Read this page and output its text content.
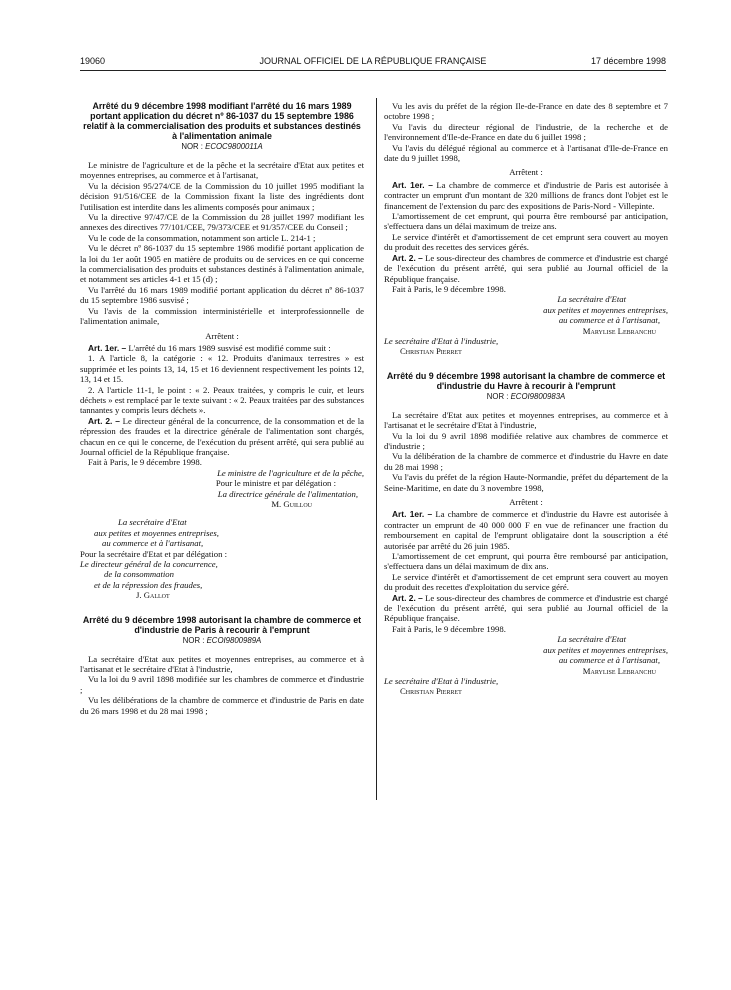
19060	JOURNAL OFFICIEL DE LA RÉPUBLIQUE FRANÇAISE	17 décembre 1998

Arrêté du 9 décembre 1998 modifiant l'arrêté du 16 mars 1989 portant application du décret nº 86-1037 du 15 septembre 1986 relatif à la commercialisation des produits et substances destinés à l'alimentation animale

NOR : ECOC9800011A

Le ministre de l'agriculture et de la pêche et la secrétaire d'Etat aux petites et moyennes entreprises, au commerce et à l'artisanat,

Vu la décision 95/274/CE de la Commission du 10 juillet 1995 modifiant la décision 91/516/CEE de la Commission fixant la liste des ingrédients dont l'utilisation est interdite dans les aliments composés pour animaux ;

Vu la directive 97/47/CE de la Commission du 28 juillet 1997 modifiant les annexes des directives 77/101/CEE, 79/373/CEE et 91/357/CEE du Conseil ;

Vu le code de la consommation, notamment son article L. 214-1 ;

Vu le décret nº 86-1037 du 15 septembre 1986 modifié portant application de la loi du 1er août 1905 en matière de produits ou de services en ce qui concerne la commercialisation des produits et substances destinés à l'alimentation animale, et notamment ses articles 4-1 et 15 (d) ;

Vu l'arrêté du 16 mars 1989 modifié portant application du décret nº 86-1037 du 15 septembre 1986 susvisé ;

Vu l'avis de la commission interministérielle et interprofessionnelle de l'alimentation animale,

Arrêtent :

Art. 1er. – L'arrêté du 16 mars 1989 susvisé est modifié comme suit :

1. A l'article 8, la catégorie : « 12. Produits d'animaux terrestres » est supprimée et les points 13, 14, 15 et 16 deviennent respectivement les points 12, 13, 14 et 15.

2. A l'article 11-1, le point : « 2. Peaux traitées, y compris le cuir, et leurs déchets » est remplacé par le texte suivant : « 2. Peaux traitées par des substances tannantes y compris leurs déchets ».

Art. 2. – Le directeur général de la concurrence, de la consommation et de la répression des fraudes et la directrice générale de l'alimentation sont chargés, chacun en ce qui le concerne, de l'exécution du présent arrêté, qui sera publié au Journal officiel de la République française.

Fait à Paris, le 9 décembre 1998.

Le ministre de l'agriculture et de la pêche,

Pour le ministre et par délégation :

La directrice générale de l'alimentation,

M. Guillou

La secrétaire d'Etat

aux petites et moyennes entreprises,

au commerce et à l'artisanat,

Pour la secrétaire d'Etat et par délégation :

Le directeur général de la concurrence,

de la consommation

et de la répression des fraudes,

J. Gallot

Arrêté du 9 décembre 1998 autorisant la chambre de commerce et d'industrie de Paris à recourir à l'emprunt

NOR : ECOI9800989A

La secrétaire d'Etat aux petites et moyennes entreprises, au commerce et à l'artisanat et le secrétaire d'Etat à l'industrie,

Vu la loi du 9 avril 1898 modifiée sur les chambres de commerce et d'industrie ;

Vu les délibérations de la chambre de commerce et d'industrie de Paris en date du 26 mars 1998 et du 28 mai 1998 ;

Vu les avis du préfet de la région Ile-de-France en date des 8 septembre et 7 octobre 1998 ;

Vu l'avis du directeur régional de l'industrie, de la recherche et de l'environnement d'Ile-de-France en date du 6 juillet 1998 ;

Vu l'avis du délégué régional au commerce et à l'artisanat d'Ile-de-France en date du 9 juillet 1998,

Arrêtent :

Art. 1er. – La chambre de commerce et d'industrie de Paris est autorisée à contracter un emprunt d'un montant de 320 millions de francs dont l'objet est le financement de l'extension du parc des expositions de Paris-Nord - Villepinte.

L'amortissement de cet emprunt, qui pourra être remboursé par anticipation, s'effectuera dans un délai maximum de treize ans.

Le service d'intérêt et d'amortissement de cet emprunt sera couvert au moyen du produit des recettes des services gérés.

Art. 2. – Le sous-directeur des chambres de commerce et d'industrie est chargé de l'exécution du présent arrêté, qui sera publié au Journal officiel de la République française.

Fait à Paris, le 9 décembre 1998.

La secrétaire d'Etat

aux petites et moyennes entreprises,

au commerce et à l'artisanat,

Marylise Lebranchu

Le secrétaire d'Etat à l'industrie,

Christian Pierret

Arrêté du 9 décembre 1998 autorisant la chambre de commerce et d'industrie du Havre à recourir à l'emprunt

NOR : ECOI9800983A

La secrétaire d'Etat aux petites et moyennes entreprises, au commerce et à l'artisanat et le secrétaire d'Etat à l'industrie,

Vu la loi du 9 avril 1898 modifiée relative aux chambres de commerce et d'industrie ;

Vu la délibération de la chambre de commerce et d'industrie du Havre en date du 28 mai 1998 ;

Vu l'avis du préfet de la région Haute-Normandie, préfet du département de la Seine-Maritime, en date du 3 novembre 1998,

Arrêtent :

Art. 1er. – La chambre de commerce et d'industrie du Havre est autorisée à contracter un emprunt de 40 000 000 F en vue de refinancer une fraction du remboursement en capital de l'emprunt obligataire dont la souscription a été autorisée par arrêté du 26 juin 1985.

L'amortissement de cet emprunt, qui pourra être remboursé par anticipation, s'effectuera dans un délai maximum de dix ans.

Le service d'intérêt et d'amortissement de cet emprunt sera couvert au moyen du produit des recettes d'exploitation du service géré.

Art. 2. – Le sous-directeur des chambres de commerce et d'industrie est chargé de l'exécution du présent arrêté, qui sera publié au Journal officiel de la République française.

Fait à Paris, le 9 décembre 1998.

La secrétaire d'Etat

aux petites et moyennes entreprises,

au commerce et à l'artisanat,

Marylise Lebranchu

Le secrétaire d'Etat à l'industrie,

Christian Pierret
